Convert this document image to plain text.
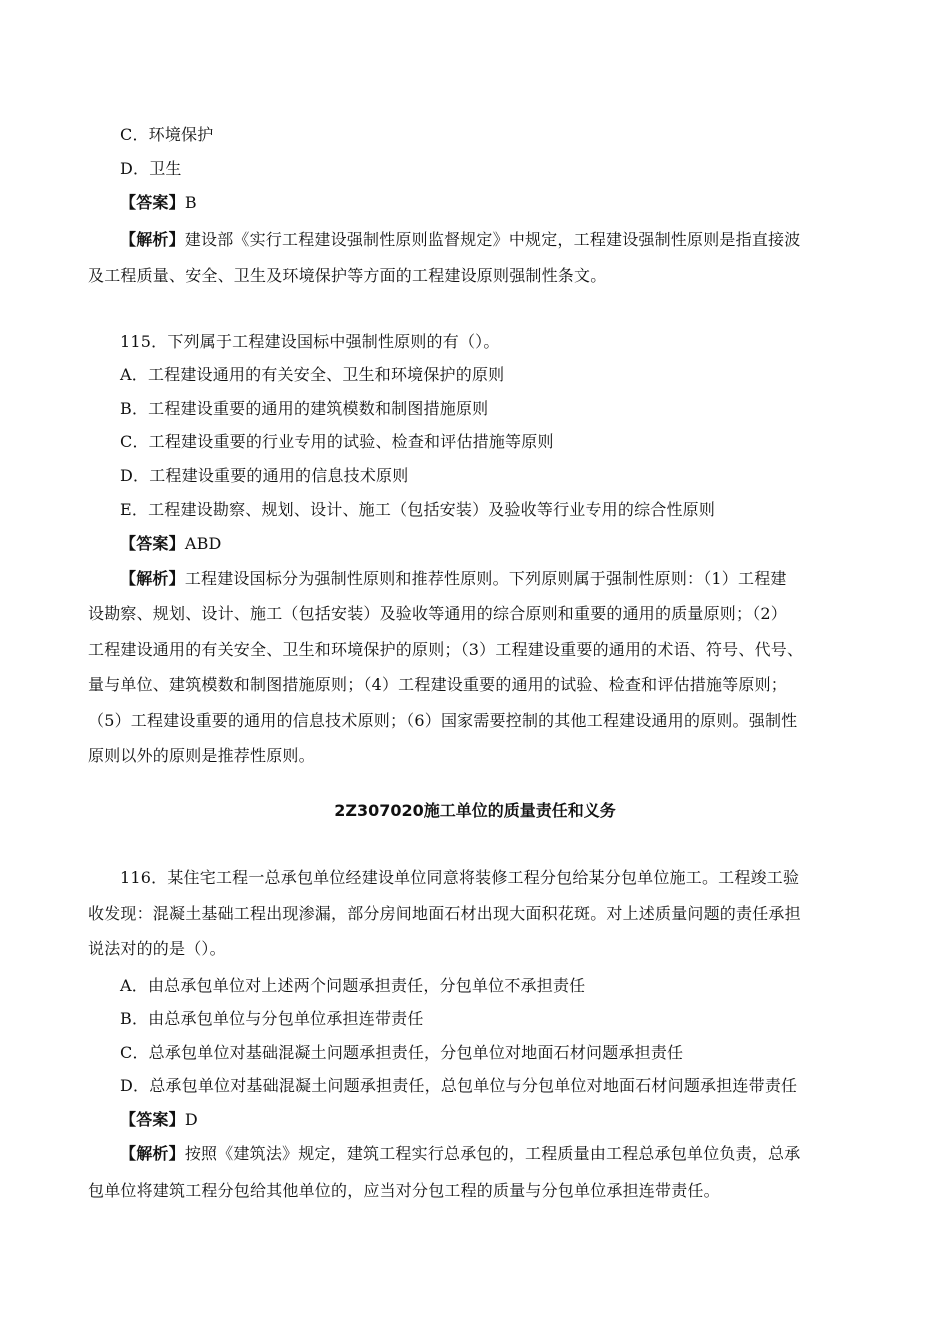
C．环境保护
D．卫生
【答案】B
【解析】建设部《实行工程建设强制性原则监督规定》中规定，工程建设强制性原则是指直接波
及工程质量、安全、卫生及环境保护等方面的工程建设原则强制性条文。
115．下列属于工程建设国标中强制性原则的有（）。
A．工程建设通用的有关安全、卫生和环境保护的原则
B．工程建设重要的通用的建筑模数和制图措施原则
C．工程建设重要的行业专用的试验、检查和评估措施等原则
D．工程建设重要的通用的信息技术原则
E．工程建设勘察、规划、设计、施工（包括安装）及验收等行业专用的综合性原则
【答案】ABD
【解析】工程建设国标分为强制性原则和推荐性原则。下列原则属于强制性原则：（1）工程建
设勘察、规划、设计、施工（包括安装）及验收等通用的综合原则和重要的通用的质量原则；（2）
工程建设通用的有关安全、卫生和环境保护的原则；（3）工程建设重要的通用的术语、符号、代号、
量与单位、建筑模数和制图措施原则；（4）工程建设重要的通用的试验、检查和评估措施等原则；
（5）工程建设重要的通用的信息技术原则；（6）国家需要控制的其他工程建设通用的原则。强制性
原则以外的原则是推荐性原则。
2Z307020施工单位的质量责任和义务
116．某住宅工程一总承包单位经建设单位同意将装修工程分包给某分包单位施工。工程竣工验
收发现：混凝土基础工程出现渗漏，部分房间地面石材出现大面积花斑。对上述质量问题的责任承担
说法对的的是（）。
A．由总承包单位对上述两个问题承担责任，分包单位不承担责任
B．由总承包单位与分包单位承担连带责任
C．总承包单位对基础混凝土问题承担责任，分包单位对地面石材问题承担责任
D．总承包单位对基础混凝土问题承担责任，总包单位与分包单位对地面石材问题承担连带责任
【答案】D
【解析】按照《建筑法》规定，建筑工程实行总承包的，工程质量由工程总承包单位负责，总承
包单位将建筑工程分包给其他单位的，应当对分包工程的质量与分包单位承担连带责任。
